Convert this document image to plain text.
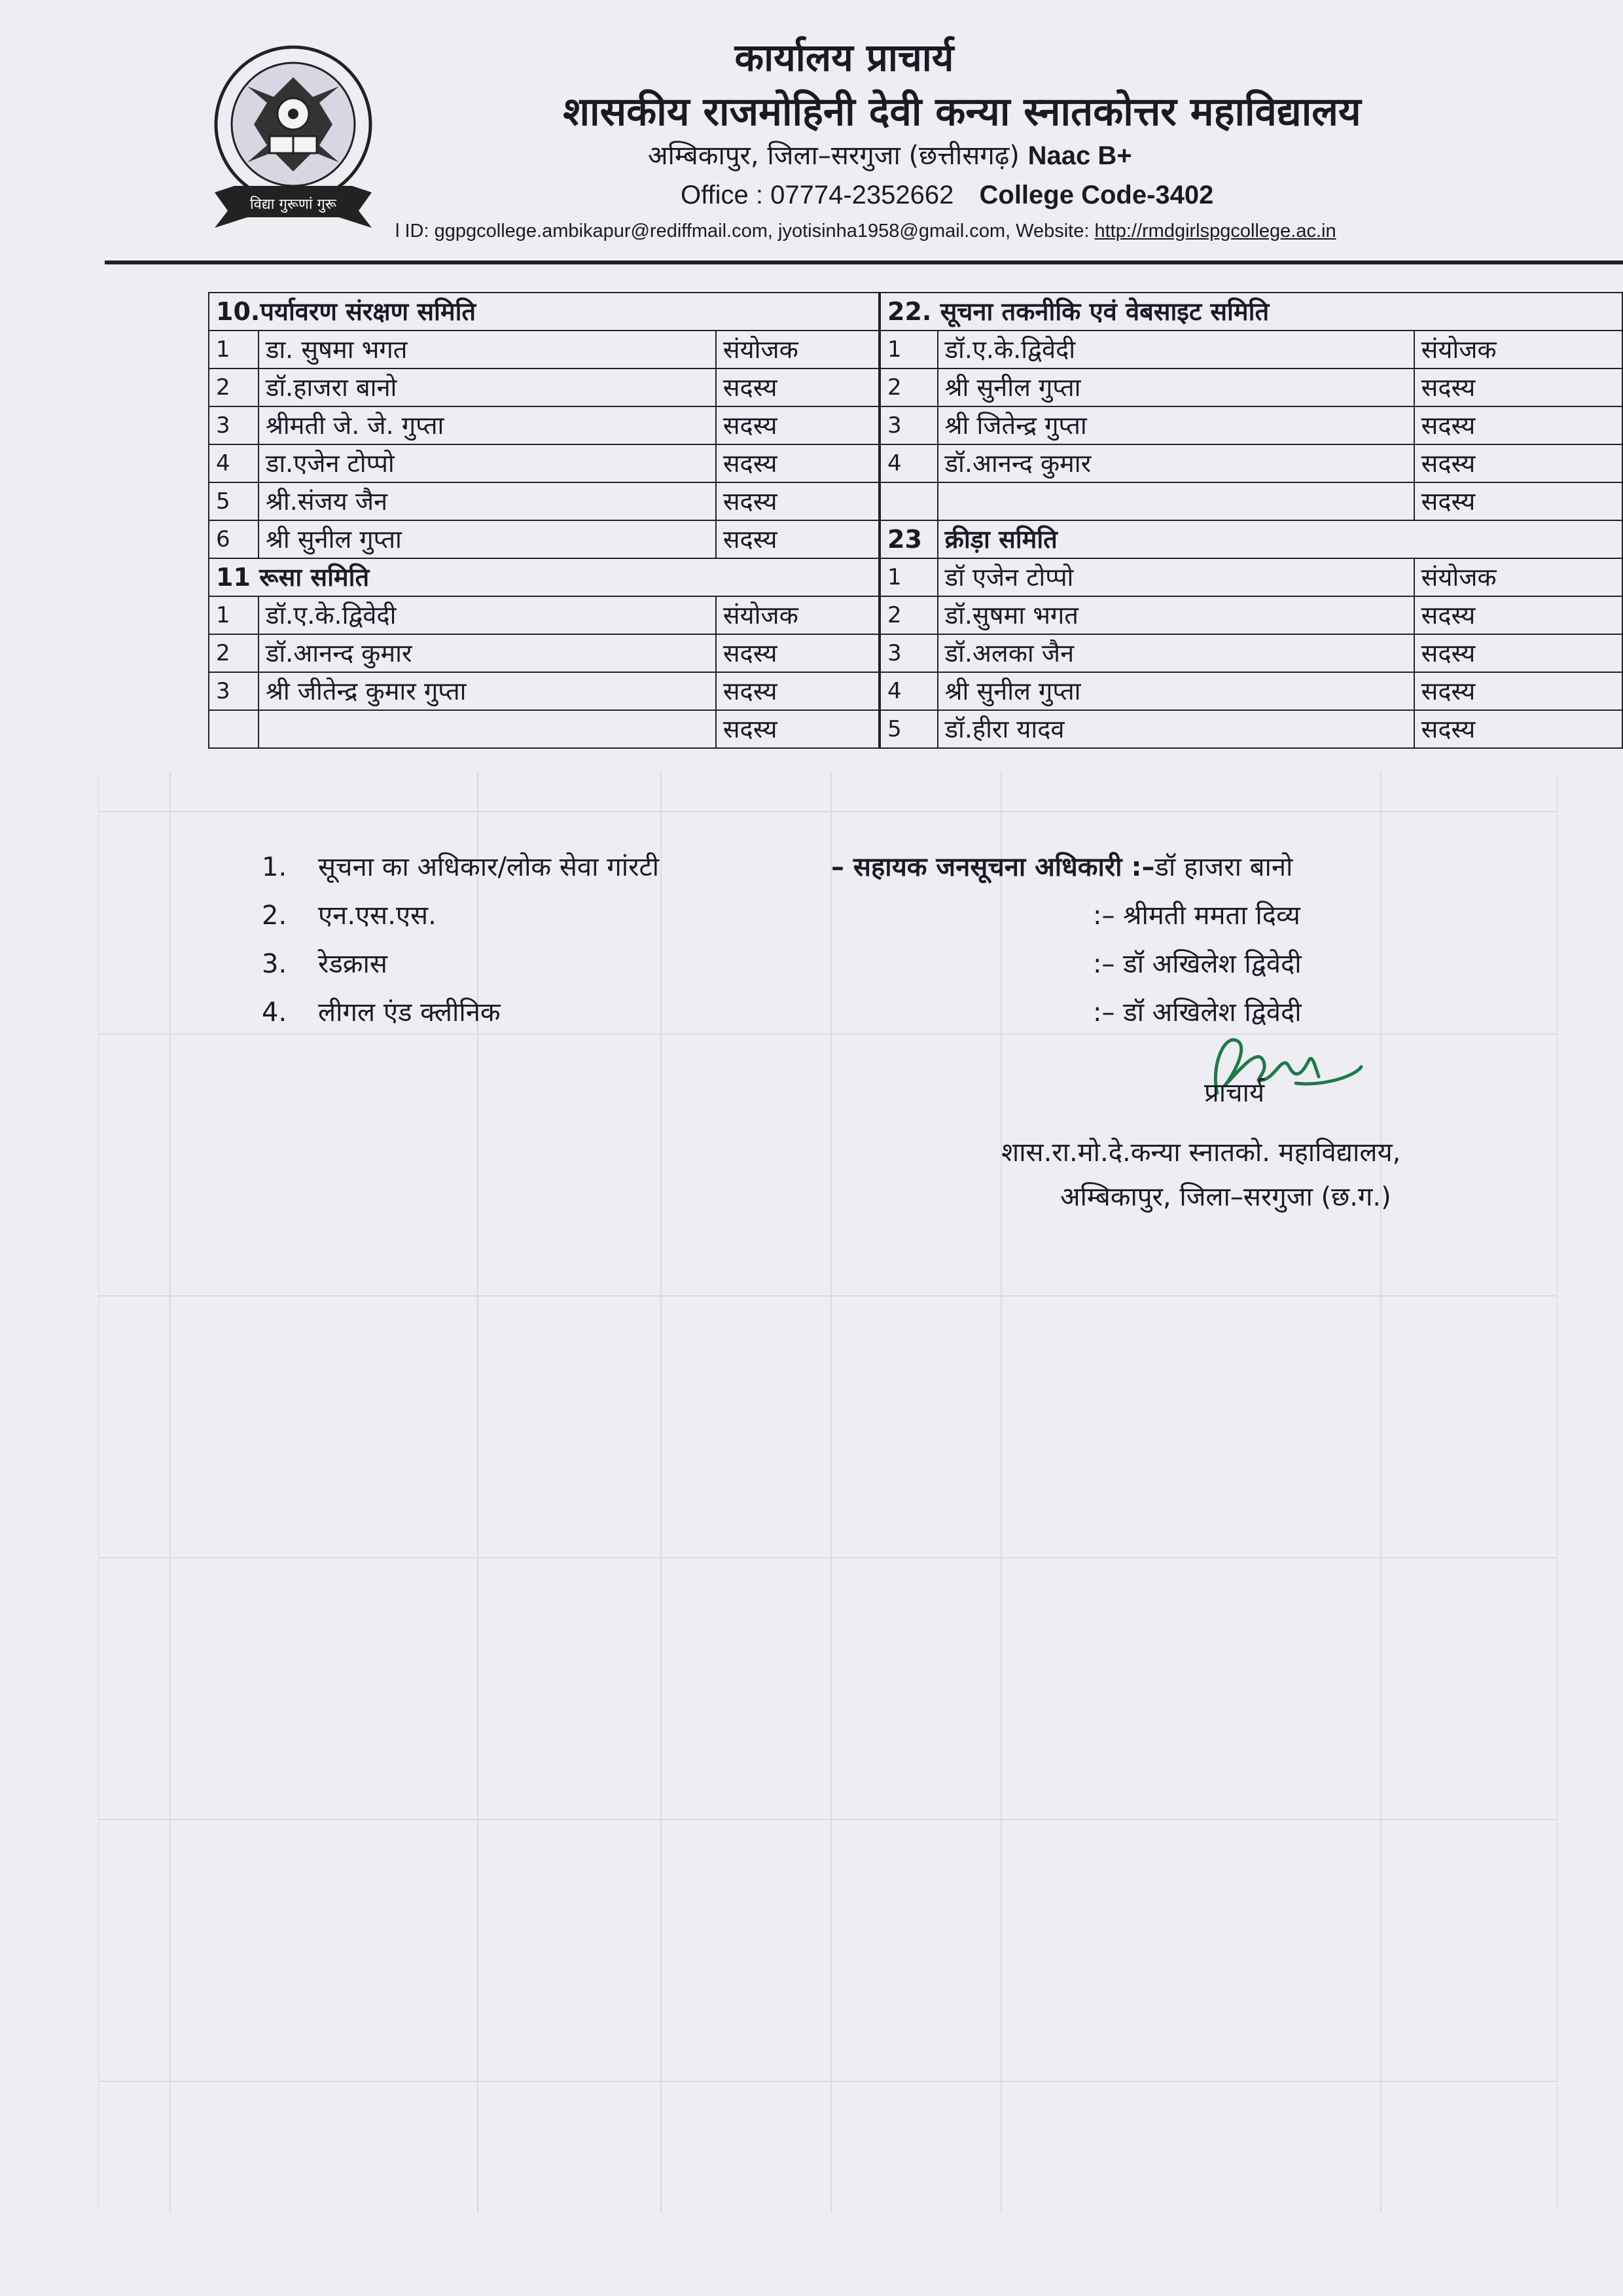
विद्या गुरूणां गुरू
कार्यालय प्राचार्य
शासकीय राजमोहिनी देवी कन्या स्नातकोत्तर महाविद्यालय
अम्बिकापुर, जिला–सरगुजा (छत्तीसगढ़) Naac B+
Office : 07774-2352662 College Code-3402
l ID: ggpgcollege.ambikapur@rediffmail.com, jyotisinha1958@gmail.com, Website: http://rmdgirlspgcollege.ac.in
10.पर्यावरण संरक्षण समिति		
1	डा. सुषमा भगत	संयोजक
2	डॉ.हाजरा बानो	सदस्य
3	श्रीमती जे. जे. गुप्ता	सदस्य
4	डा.एजेन टोप्पो	सदस्य
5	श्री.संजय जैन	सदस्य
6	श्री सुनील गुप्ता	सदस्य
11 रूसा समिति		
1	डॉ.ए.के.द्विवेदी	संयोजक
2	डॉ.आनन्द कुमार	सदस्य
3	श्री जीतेन्द्र कुमार गुप्ता	सदस्य
		सदस्य
22. सूचना तकनीकि एवं वेबसाइट समिति		
1	डॉ.ए.के.द्विवेदी	संयोजक
2	श्री सुनील गुप्ता	सदस्य
3	श्री जितेन्द्र गुप्ता	सदस्य
4	डॉ.आनन्द कुमार	सदस्य
		सदस्य
23	क्रीड़ा समिति	
1	डॉ एजेन टोप्पो	संयोजक
2	डॉ.सुषमा भगत	सदस्य
3	डॉ.अलका जैन	सदस्य
4	श्री सुनील गुप्ता	सदस्य
5	डॉ.हीरा यादव	सदस्य
1.	सूचना का अधिकार/लोक सेवा गांरटी	– सहायक जनसूचना अधिकारी :–डॉ हाजरा बानो
2.	एन.एस.एस.	:– श्रीमती ममता दिव्य
3.	रेडक्रास	:– डॉ अखिलेश द्विवेदी
4.	लीगल एंड क्लीनिक	:– डॉ अखिलेश द्विवेदी
प्राचार्य
शास.रा.मो.दे.कन्या स्नातको. महाविद्यालय,
अम्बिकापुर, जिला–सरगुजा (छ.ग.)
